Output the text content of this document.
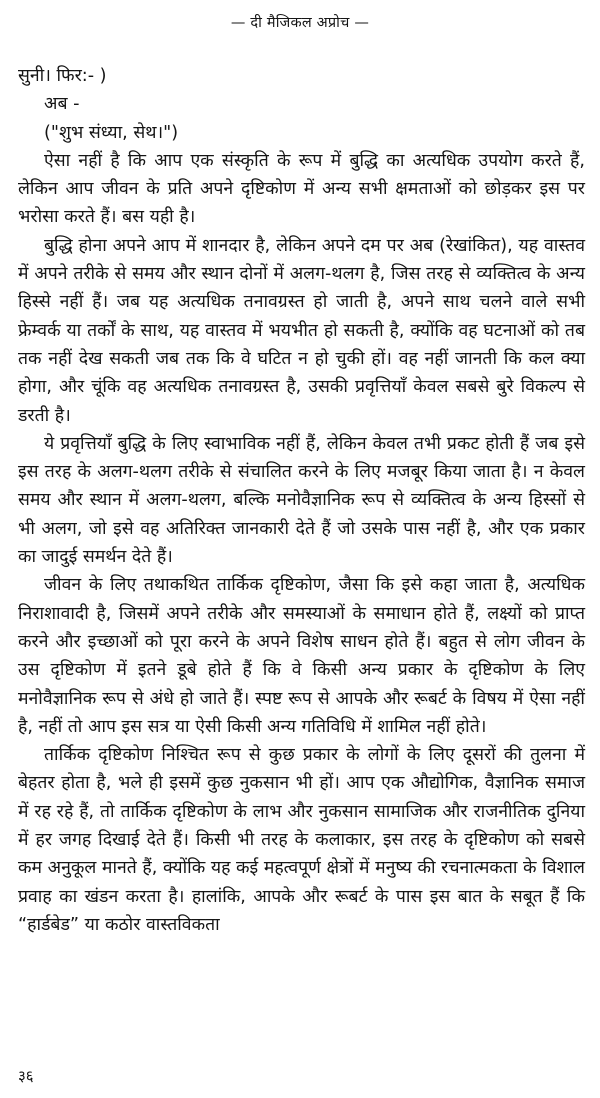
— दी मैजिकल अप्रोच —

सुनी। फिर:- )

अब -

("शुभ संध्या, सेथ।")

ऐसा नहीं है कि आप एक संस्कृति के रूप में बुद्धि का अत्यधिक उपयोग करते हैं, लेकिन आप जीवन के प्रति अपने दृष्टिकोण में अन्य सभी क्षमताओं को छोड़कर इस पर भरोसा करते हैं। बस यही है।

बुद्धि होना अपने आप में शानदार है, लेकिन अपने दम पर अब (रेखांकित), यह वास्तव में अपने तरीके से समय और स्थान दोनों में अलग-थलग है, जिस तरह से व्यक्तित्व के अन्य हिस्से नहीं हैं। जब यह अत्यधिक तनावग्रस्त हो जाती है, अपने साथ चलने वाले सभी फ्रेम्वर्क या तर्कों के साथ, यह वास्तव में भयभीत हो सकती है, क्योंकि वह घटनाओं को तब तक नहीं देख सकती जब तक कि वे घटित न हो चुकी हों। वह नहीं जानती कि कल क्या होगा, और चूंकि वह अत्यधिक तनावग्रस्त है, उसकी प्रवृत्तियाँ केवल सबसे बुरे विकल्प से डरती है।

ये प्रवृत्तियाँ बुद्धि के लिए स्वाभाविक नहीं हैं, लेकिन केवल तभी प्रकट होती हैं जब इसे इस तरह के अलग-थलग तरीके से संचालित करने के लिए मजबूर किया जाता है। न केवल समय और स्थान में अलग-थलग, बल्कि मनोवैज्ञानिक रूप से व्यक्तित्व के अन्य हिस्सों से भी अलग, जो इसे वह अतिरिक्त जानकारी देते हैं जो उसके पास नहीं है, और एक प्रकार का जादुई समर्थन देते हैं।

जीवन के लिए तथाकथित तार्किक दृष्टिकोण, जैसा कि इसे कहा जाता है, अत्यधिक निराशावादी है, जिसमें अपने तरीके और समस्याओं के समाधान होते हैं, लक्ष्यों को प्राप्त करने और इच्छाओं को पूरा करने के अपने विशेष साधन होते हैं। बहुत से लोग जीवन के उस दृष्टिकोण में इतने डूबे होते हैं कि वे किसी अन्य प्रकार के दृष्टिकोण के लिए मनोवैज्ञानिक रूप से अंधे हो जाते हैं। स्पष्ट रूप से आपके और रूबर्ट के विषय में ऐसा नहीं है, नहीं तो आप इस सत्र या ऐसी किसी अन्य गतिविधि में शामिल नहीं होते।

तार्किक दृष्टिकोण निश्चित रूप से कुछ प्रकार के लोगों के लिए दूसरों की तुलना में बेहतर होता है, भले ही इसमें कुछ नुकसान भी हों। आप एक औद्योगिक, वैज्ञानिक समाज में रह रहे हैं, तो तार्किक दृष्टिकोण के लाभ और नुकसान सामाजिक और राजनीतिक दुनिया में हर जगह दिखाई देते हैं। किसी भी तरह के कलाकार, इस तरह के दृष्टिकोण को सबसे कम अनुकूल मानते हैं, क्योंकि यह कई महत्वपूर्ण क्षेत्रों में मनुष्य की रचनात्मकता के विशाल प्रवाह का खंडन करता है। हालांकि, आपके और रूबर्ट के पास इस बात के सबूत हैं कि “हार्डबेड” या कठोर वास्तविकता

३६
